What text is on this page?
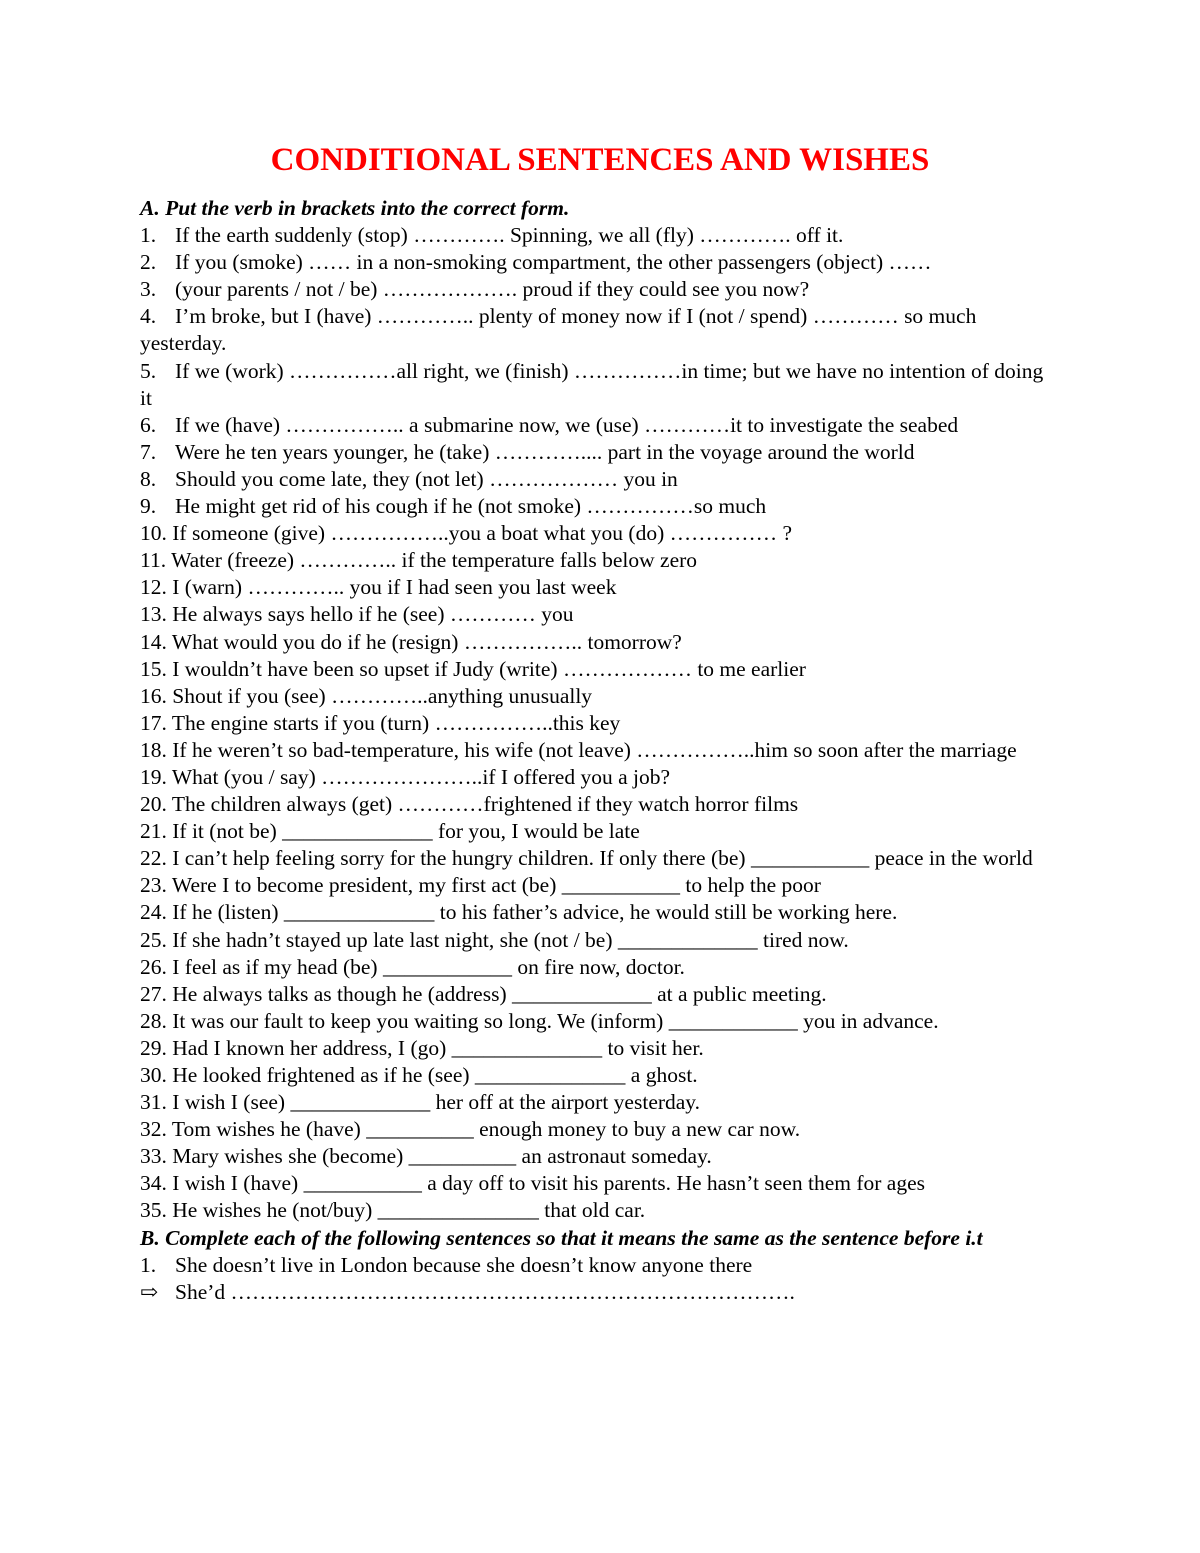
CONDITIONAL SENTENCES AND WISHES

A. Put the verb in brackets into the correct form.

1. If the earth suddenly (stop) …………. Spinning, we all (fly) …………. off it.
2. If you (smoke) …… in a non-smoking compartment, the other passengers (object) ……
3. (your parents / not / be) ………………. proud if they could see you now?
4. I’m broke, but I (have) ………….. plenty of money now if I (not / spend) ………… so much yesterday.
5. If we (work) ……………all right, we (finish) ……………in time; but we have no intention of doing it
6. If we (have) …………….. a submarine now, we (use) …………it to investigate the seabed
7. Were he ten years younger, he (take) ………….... part in the voyage around the world
8. Should you come late, they (not let) ……………… you in
9. He might get rid of his cough if he (not smoke) ……………so much
10. If someone (give) ……………..you a boat what you (do) …………… ?
11. Water (freeze) ………….. if the temperature falls below zero
12. I (warn) ………….. you if I had seen you last week
13. He always says hello if he (see) ………… you
14. What would you do if he (resign) …………….. tomorrow?
15. I wouldn’t have been so upset if Judy (write) ……………… to me earlier
16. Shout if you (see) …………..anything unusually
17. The engine starts if you (turn) ……………..this key
18. If he weren’t so bad-temperature, his wife (not leave) ……………..him so soon after the marriage
19. What (you / say) …………………..if I offered you a job?
20. The children always (get) …………frightened if they watch horror films
21. If it (not be) ______________ for you, I would be late
22. I can’t help feeling sorry for the hungry children. If only there (be) ___________ peace in the world
23. Were I to become president, my first act (be) ___________ to help the poor
24. If he (listen) ______________ to his father’s advice, he would still be working here.
25. If she hadn’t stayed up late last night, she (not / be) _____________ tired now.
26. I feel as if my head (be) ____________ on fire now, doctor.
27. He always talks as though he (address) _____________ at a public meeting.
28. It was our fault to keep you waiting so long. We (inform) ____________ you in advance.
29. Had I known her address, I (go) ______________ to visit her.
30. He looked frightened as if he (see) ______________ a ghost.
31. I wish I (see) _____________ her off at the airport yesterday.
32. Tom wishes he (have) __________ enough money to buy a new car now.
33. Mary wishes she (become) __________ an astronaut someday.
34. I wish I (have) ___________ a day off to visit his parents. He hasn’t seen them for ages
35. He wishes he (not/buy) _______________ that old car.

B. Complete each of the following sentences so that it means the same as the sentence before i.t

1. She doesn’t live in London because she doesn’t know anyone there
⇨ She’d …………………………………………………………………….
